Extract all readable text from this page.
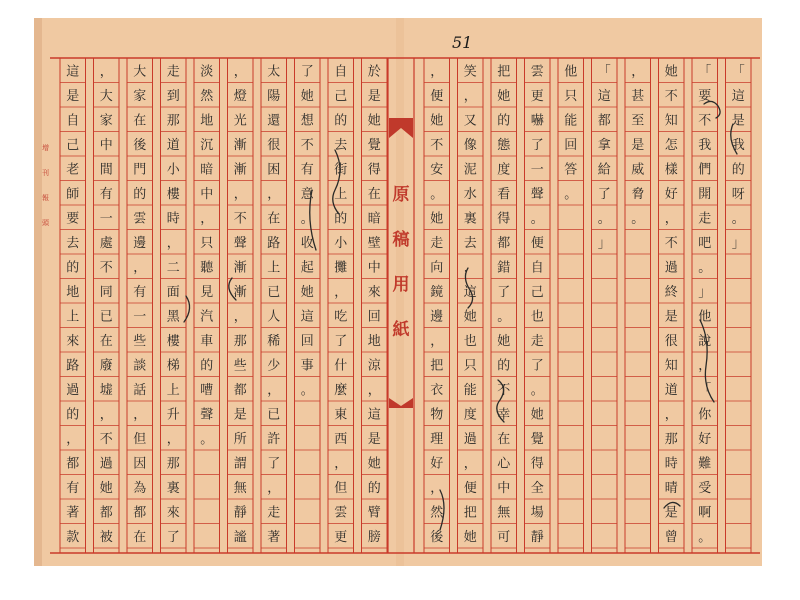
51
原
稿
用
紙
增
刊
報
頭
「這是我的呀。」
「要不我們開走吧。」他說，「你好難受啊。
她不知怎樣好，不過終是很知道，那時晴是曾
，甚至是威脅。
「這都拿給了。」
他只能回答。
雲更嚇了一聲。便自己也走了。她覺得全場靜
把她的態度看得都錯了。她的不幸在心中無可
笑，又像泥水裏去，這她也只能度過，便把她
，便她不安。她走向鏡邊，把衣物理好，然後
於是她覺得在暗壁中來回地涼，這是她的臂膀
自己的去街上的小攤，吃了什麼東西，但雲更
了她想不有意。收起她這回事。
太陽還很困，在路上已人稀少，已許了，走著
，燈光漸漸，不聲漸漸，那些都是所謂無靜謐
淡然地沉暗中，只聽見汽車的嘈聲。
走到那道小樓時，二面黑樓梯上升，那裏來了
大家在後門的雲邊，有一些談話，但因為都在
，大家中間有一處不同已在廢墟，不過她都被
這是自己老師要去的地上來路過的，都有著款
